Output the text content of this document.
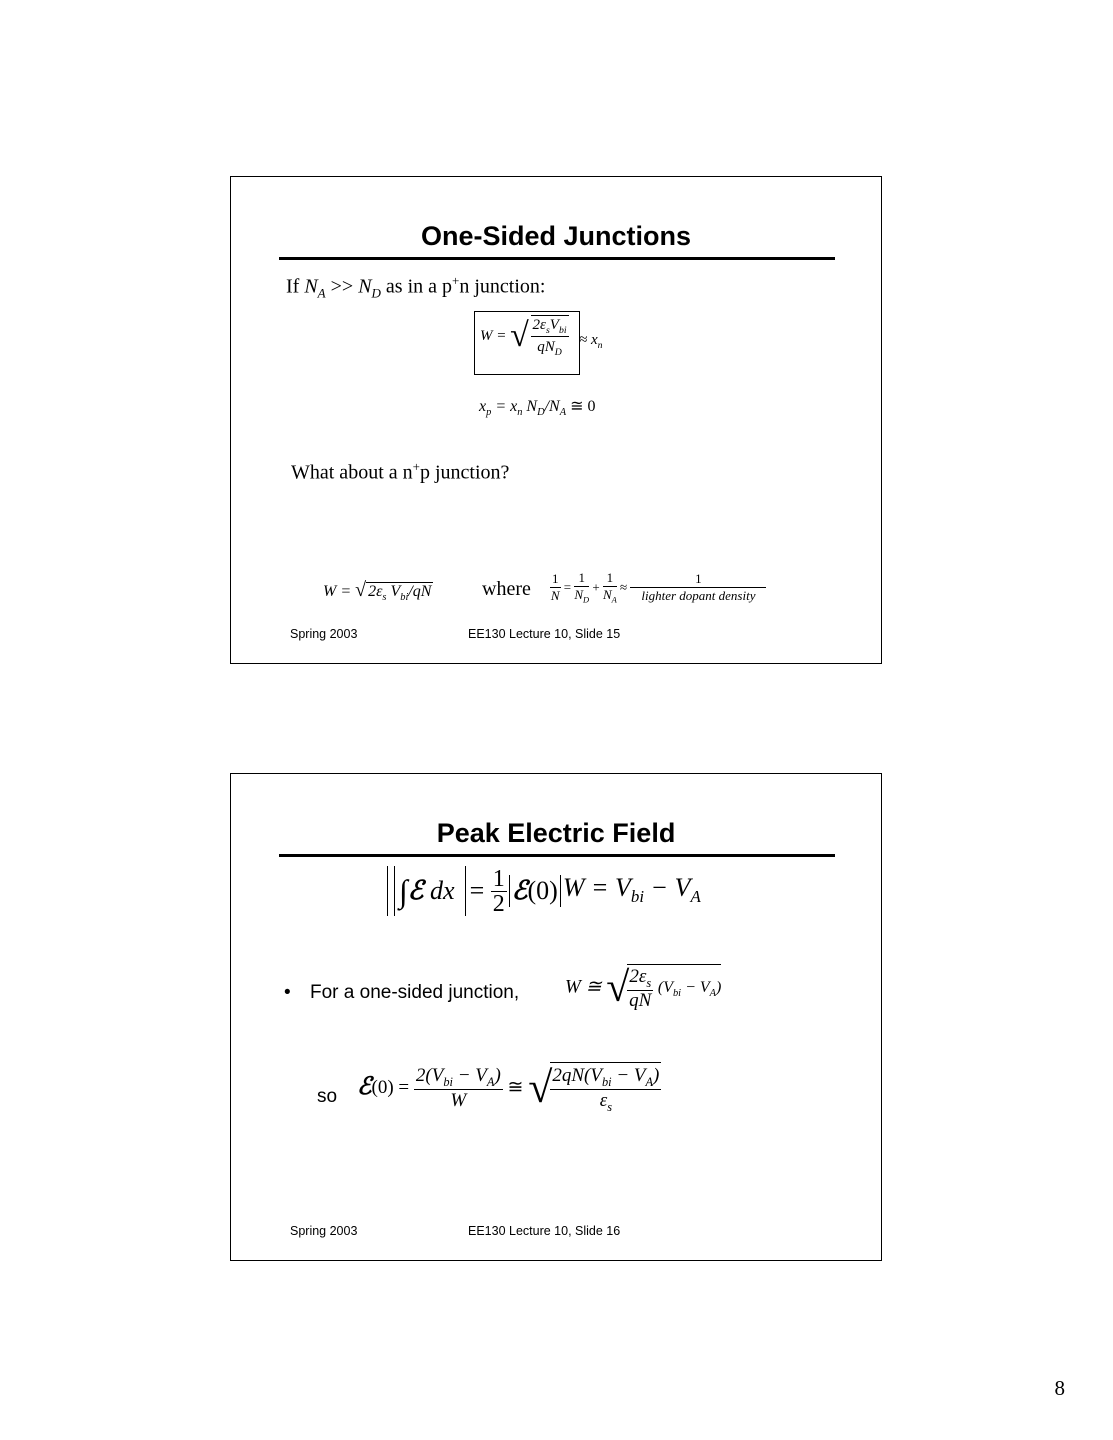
One-Sided Junctions
If $N_A >> N_D$ as in a p+n junction:
W = √ $\frac{2\varepsilon_sV_{bi}}{qN_D} \approx x_n$
$x_p = x_n$ $N_D/N_A$ ≅ 0
What about a n+p junction?
W = √ $2\varepsilon_s$ $V_{bi}/qN$	where $\frac{1}{N} = \frac{1}{N_D} + \frac{1}{N_A} \approx \frac{1}{\text{lighter dopant density}}$
Spring 2003	EE130 Lecture 10, Slide 15
Peak Electric Field
∫ℰ dx = $\frac{1}{2}$ ℰ(0) $W = V_{bi} - V_A$
• For a one-sided junction, W ≅ √
$\frac{2\varepsilon_s}{qN} (V_{bi} - V_A)$
so ℰ(0) = $\frac{2(V_{bi} - V_A)}{W}$ ≅ √
$\frac{2qN(V_{bi} - V_A)}{\varepsilon_s}$
Spring 2003	EE130 Lecture 10, Slide 16
8
